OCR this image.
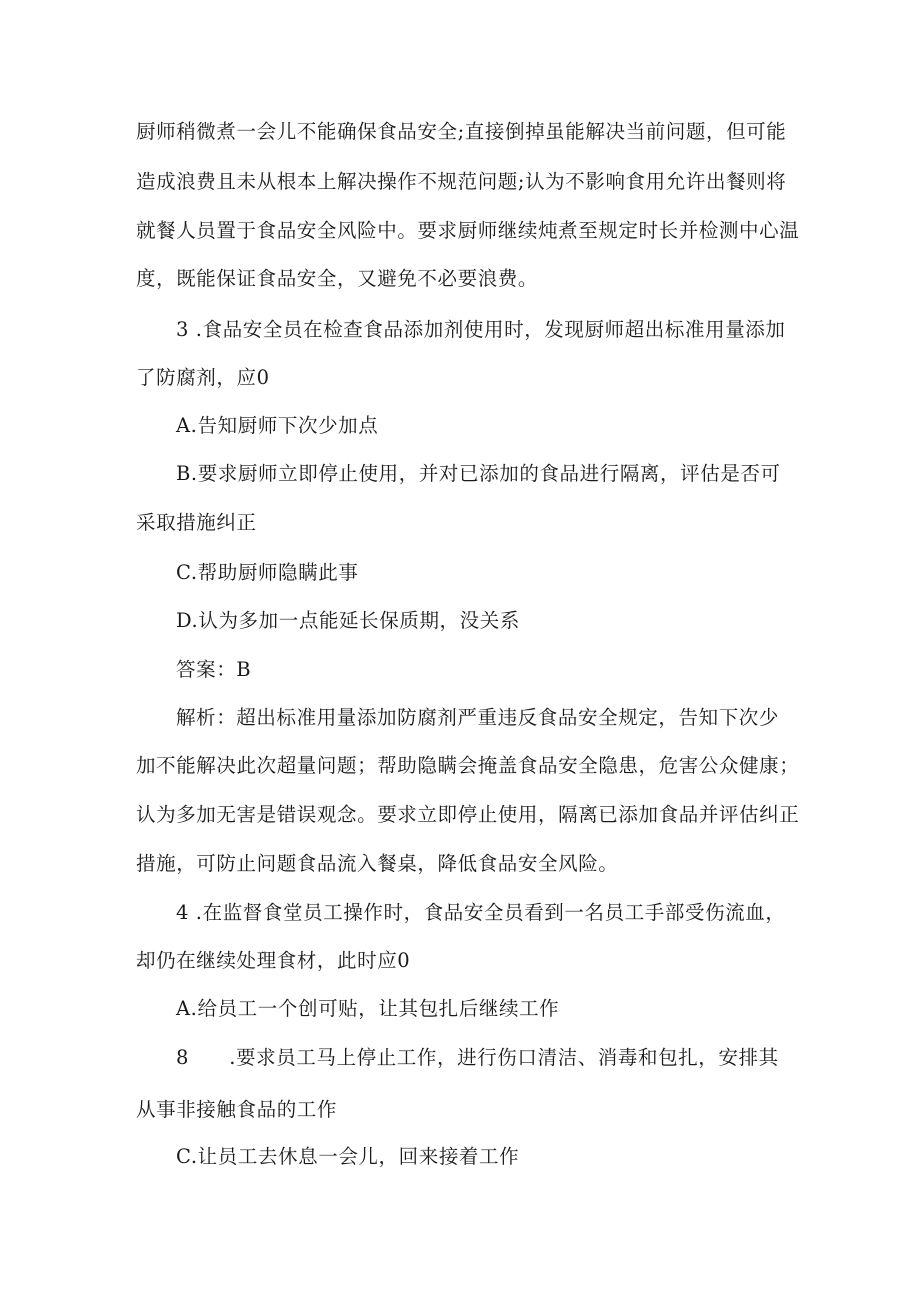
厨师稍微煮一会儿不能确保食品安全;直接倒掉虽能解决当前问题，但可能
造成浪费且未从根本上解决操作不规范问题;认为不影响食用允许出餐则将
就餐人员置于食品安全风险中。要求厨师继续炖煮至规定时长并检测中心温
度，既能保证食品安全，又避免不必要浪费。
3 .食品安全员在检查食品添加剂使用时，发现厨师超出标准用量添加
了防腐剂，应0
A.告知厨师下次少加点
B.要求厨师立即停止使用，并对已添加的食品进行隔离，评估是否可
采取措施纠正
C.帮助厨师隐瞒此事
D.认为多加一点能延长保质期，没关系
答案：B
解析：超出标准用量添加防腐剂严重违反食品安全规定，告知下次少
加不能解决此次超量问题；帮助隐瞒会掩盖食品安全隐患，危害公众健康；
认为多加无害是错误观念。要求立即停止使用，隔离已添加食品并评估纠正
措施，可防止问题食品流入餐桌，降低食品安全风险。
4 .在监督食堂员工操作时，食品安全员看到一名员工手部受伤流血，
却仍在继续处理食材，此时应0
A.给员工一个创可贴，让其包扎后继续工作
8　　.要求员工马上停止工作，进行伤口清洁、消毒和包扎，安排其
从事非接触食品的工作
C.让员工去休息一会儿，回来接着工作
